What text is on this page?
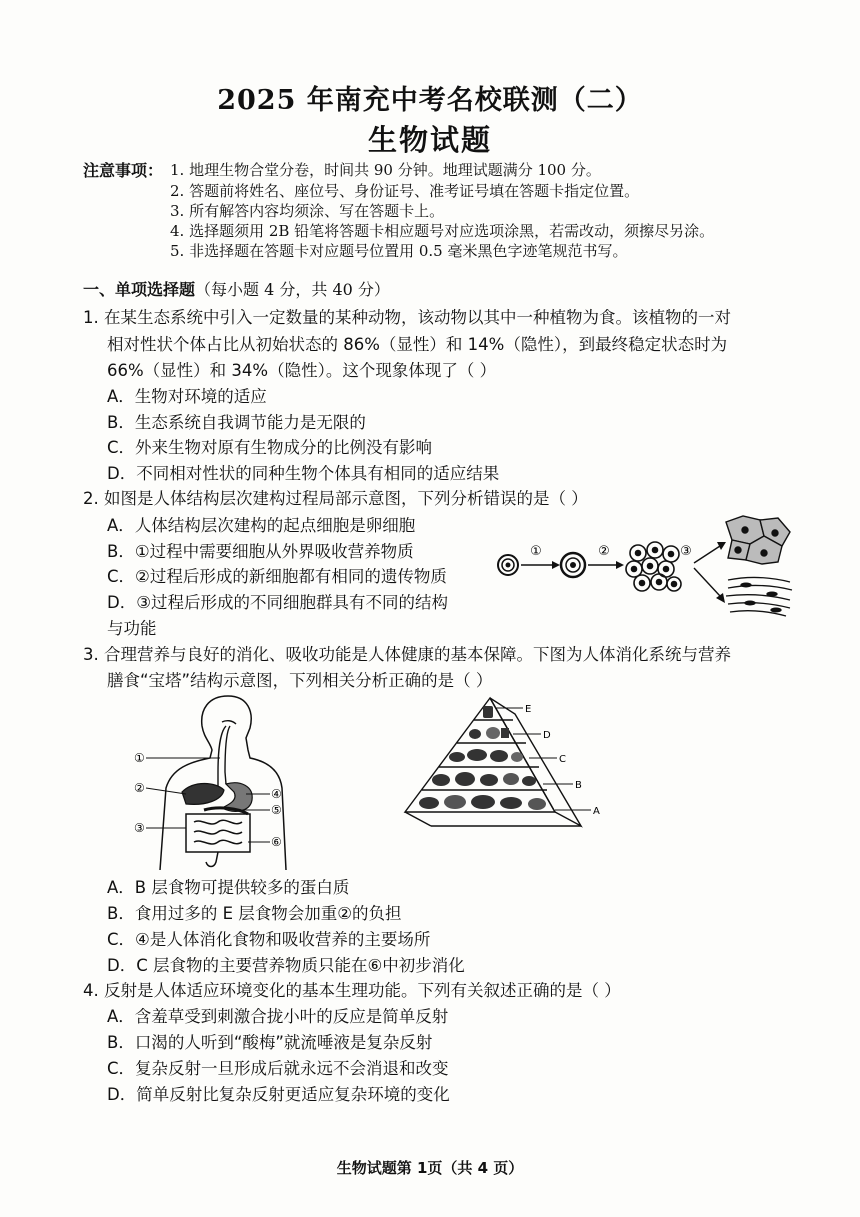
2025 年南充中考名校联测（二）
生物试题
注意事项： 1. 地理生物合堂分卷，时间共 90 分钟。地理试题满分 100 分。
2. 答题前将姓名、座位号、身份证号、准考证号填在答题卡指定位置。
3. 所有解答内容均须涂、写在答题卡上。
4. 选择题须用 2B 铅笔将答题卡相应题号对应选项涂黑，若需改动，须擦尽另涂。
5. 非选择题在答题卡对应题号位置用 0.5 毫米黑色字迹笔规范书写。
一、单项选择题（每小题 4 分，共 40 分）
1. 在某生态系统中引入一定数量的某种动物，该动物以其中一种植物为食。该植物的一对
相对性状个体占比从初始状态的 86%（显性）和 14%（隐性），到最终稳定状态时为
66%（显性）和 34%（隐性）。这个现象体现了（ ）
A．生物对环境的适应
B．生态系统自我调节能力是无限的
C．外来生物对原有生物成分的比例没有影响
D．不同相对性状的同种生物个体具有相同的适应结果
2. 如图是人体结构层次建构过程局部示意图，下列分析错误的是（ ）
A．人体结构层次建构的起点细胞是卵细胞
B．①过程中需要细胞从外界吸收营养物质
C．②过程后形成的新细胞都有相同的遗传物质
D．③过程后形成的不同细胞群具有不同的结构
与功能
①	②	③
3. 合理营养与良好的消化、吸收功能是人体健康的基本保障。下图为人体消化系统与营养
膳食“宝塔”结构示意图，下列相关分析正确的是（ ）
①
②
③
④
⑤
⑥
E
D
C
B
A
A．B 层食物可提供较多的蛋白质
B．食用过多的 E 层食物会加重②的负担
C．④是人体消化食物和吸收营养的主要场所
D．C 层食物的主要营养物质只能在⑥中初步消化
4. 反射是人体适应环境变化的基本生理功能。下列有关叙述正确的是（ ）
A．含羞草受到刺激合拢小叶的反应是简单反射
B．口渴的人听到“酸梅”就流唾液是复杂反射
C．复杂反射一旦形成后就永远不会消退和改变
D．简单反射比复杂反射更适应复杂环境的变化
生物试题第 1页（共 4 页）
